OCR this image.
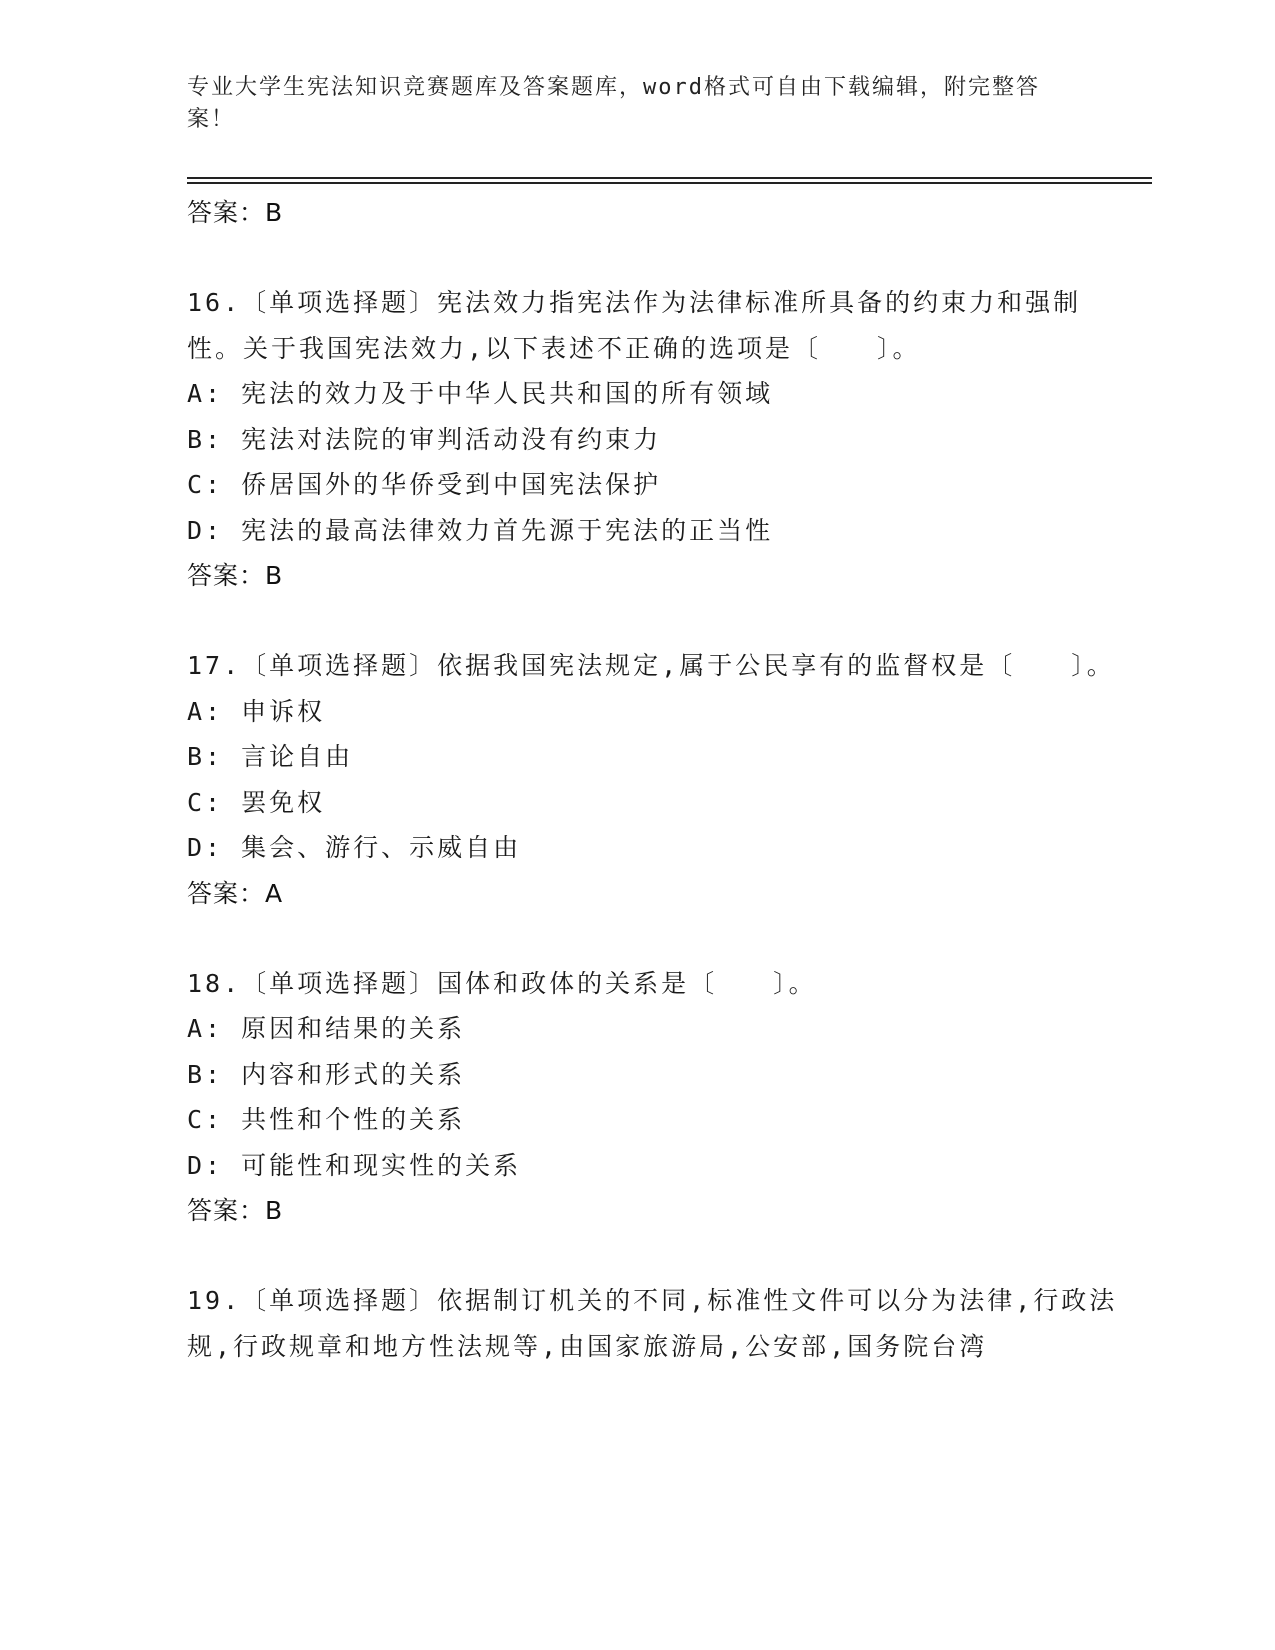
专业大学生宪法知识竞赛题库及答案题库，word格式可自由下载编辑，附完整答案！
答案：B
16.〔单项选择题〕宪法效力指宪法作为法律标准所具备的约束力和强制性。关于我国宪法效力,以下表述不正确的选项是〔　　〕。
A: 宪法的效力及于中华人民共和国的所有领域
B: 宪法对法院的审判活动没有约束力
C: 侨居国外的华侨受到中国宪法保护
D: 宪法的最高法律效力首先源于宪法的正当性
答案：B
17.〔单项选择题〕依据我国宪法规定,属于公民享有的监督权是〔　　〕。
A: 申诉权
B: 言论自由
C: 罢免权
D: 集会、游行、示威自由
答案：A
18.〔单项选择题〕国体和政体的关系是〔　　〕。
A: 原因和结果的关系
B: 内容和形式的关系
C: 共性和个性的关系
D: 可能性和现实性的关系
答案：B
19.〔单项选择题〕依据制订机关的不同,标准性文件可以分为法律,行政法规,行政规章和地方性法规等,由国家旅游局,公安部,国务院台湾
